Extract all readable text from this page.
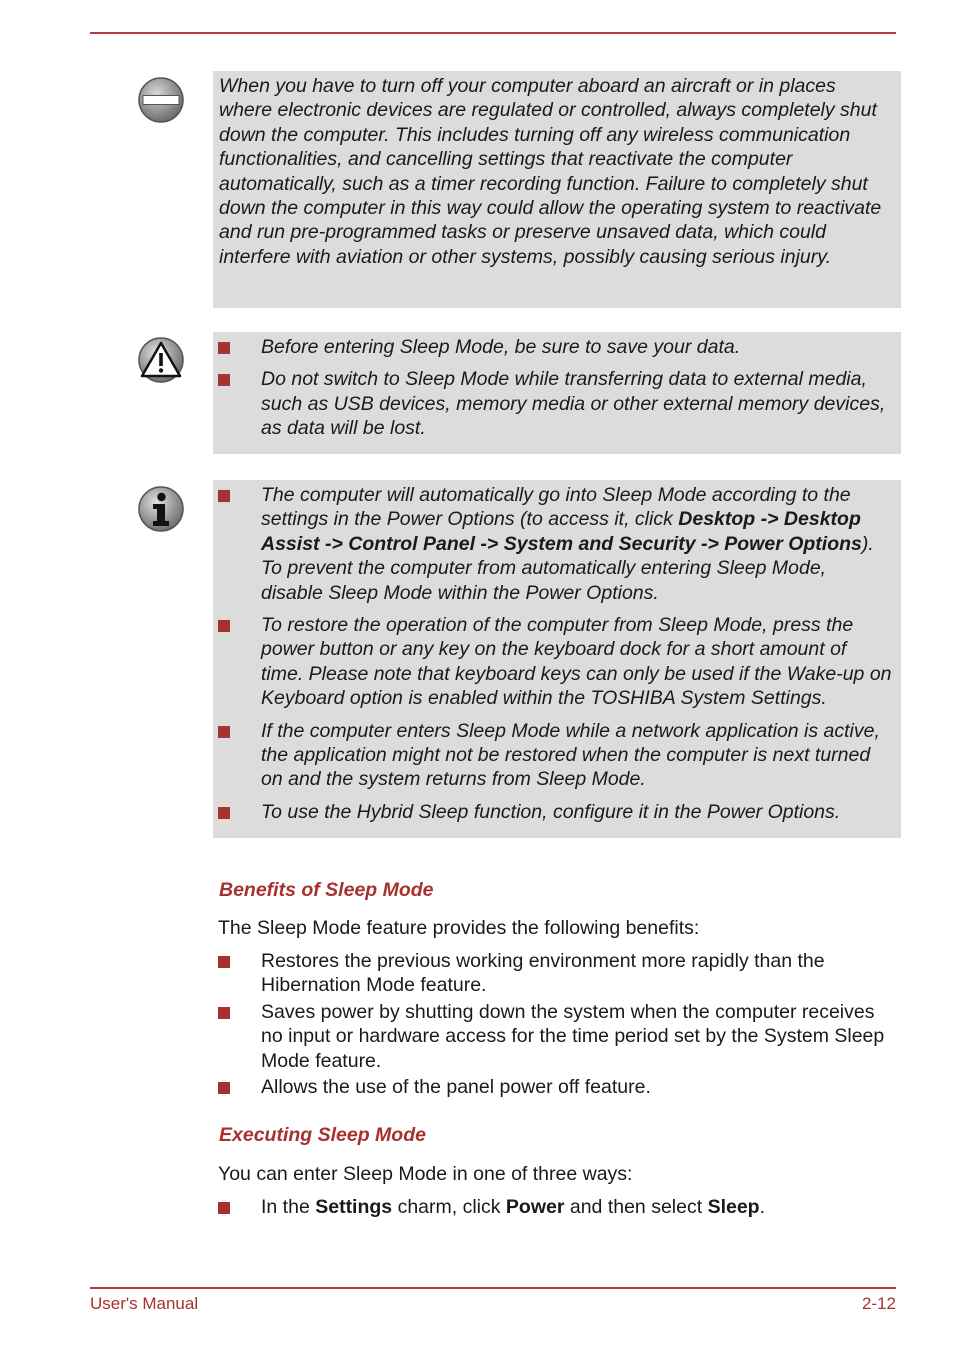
When you have to turn off your computer aboard an aircraft or in places where electronic devices are regulated or controlled, always completely shut down the computer. This includes turning off any wireless communication functionalities, and cancelling settings that reactivate the computer automatically, such as a timer recording function. Failure to completely shut down the computer in this way could allow the operating system to reactivate and run pre-programmed tasks or preserve unsaved data, which could interfere with aviation or other systems, possibly causing serious injury.
Before entering Sleep Mode, be sure to save your data.
Do not switch to Sleep Mode while transferring data to external media, such as USB devices, memory media or other external memory devices, as data will be lost.
The computer will automatically go into Sleep Mode according to the settings in the Power Options (to access it, click Desktop -> Desktop Assist -> Control Panel -> System and Security -> Power Options). To prevent the computer from automatically entering Sleep Mode, disable Sleep Mode within the Power Options.
To restore the operation of the computer from Sleep Mode, press the power button or any key on the keyboard dock for a short amount of time. Please note that keyboard keys can only be used if the Wake-up on Keyboard option is enabled within the TOSHIBA System Settings.
If the computer enters Sleep Mode while a network application is active, the application might not be restored when the computer is next turned on and the system returns from Sleep Mode.
To use the Hybrid Sleep function, configure it in the Power Options.
Benefits of Sleep Mode

The Sleep Mode feature provides the following benefits:

Restores the previous working environment more rapidly than the Hibernation Mode feature.
Saves power by shutting down the system when the computer receives no input or hardware access for the time period set by the System Sleep Mode feature.
Allows the use of the panel power off feature.
Executing Sleep Mode

You can enter Sleep Mode in one of three ways:

In the Settings charm, click Power and then select Sleep.
User's Manual	2-12
